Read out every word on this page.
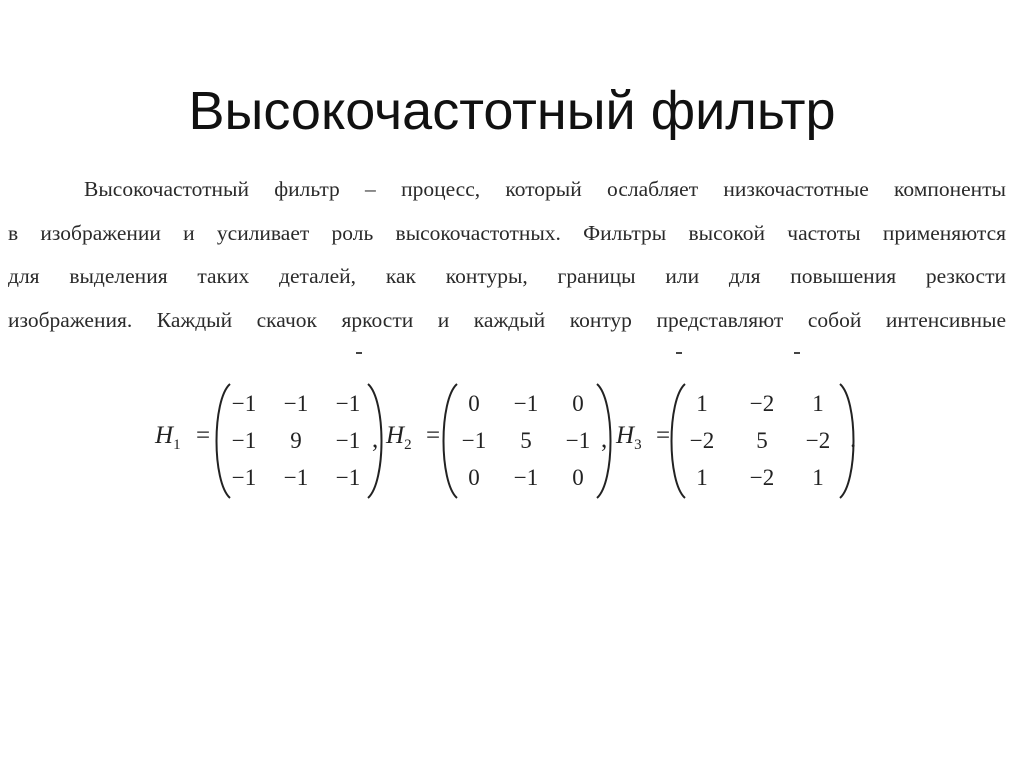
Высокочастотный фильтр
Высокочастотный фильтр – процесс, который ослабляет низкочастотные компоненты
в изображении и усиливает роль высокочастотных. Фильтры высокой частоты применяются
для выделения таких деталей, как контуры, границы или для повышения резкости
изображения. Каждый скачок яркости и каждый контур представляют собой интенсивные
$H_1$ =
−1	−1	−1
−1	9	−1
−1	−1	−1
, $H_2$ =
0	−1	0
−1	5	−1
0	−1	0
, $H_3$ =
1	−2	1
−2	5	−2
1	−2	1
.
